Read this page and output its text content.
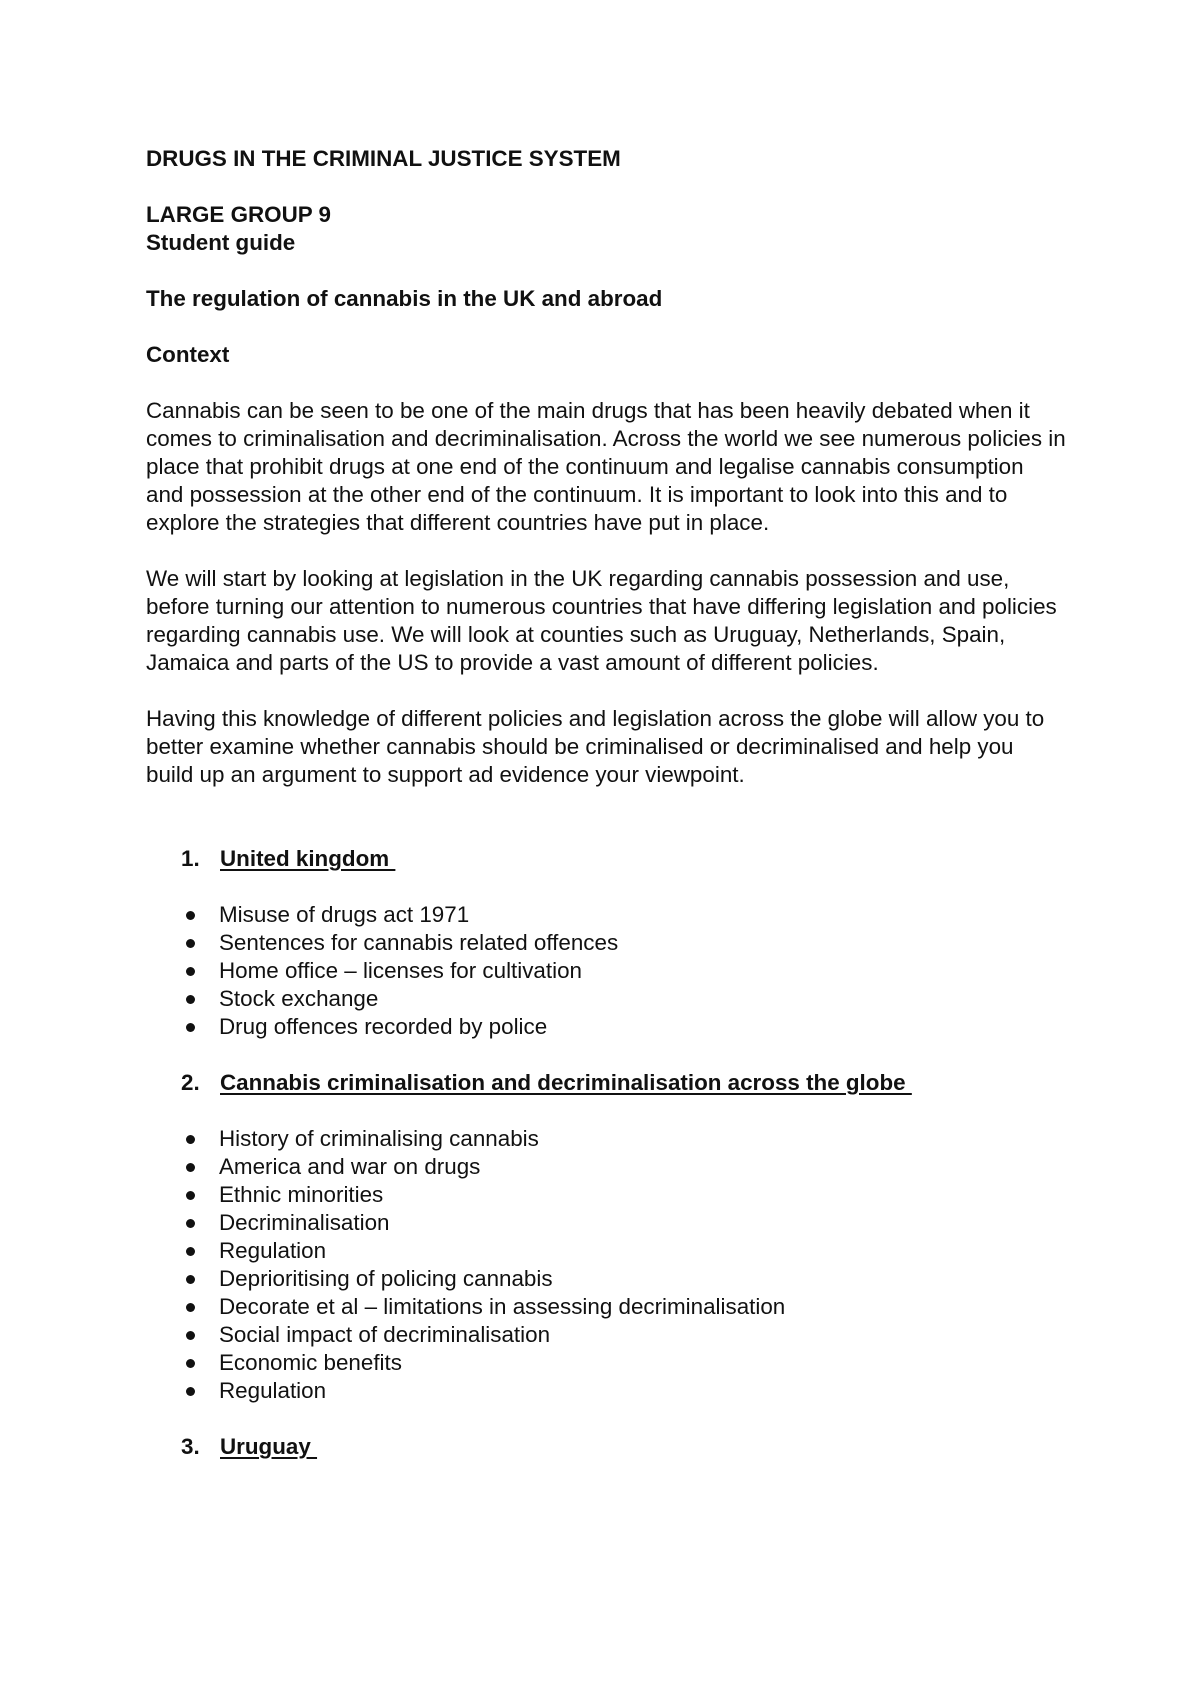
DRUGS IN THE CRIMINAL JUSTICE SYSTEM

LARGE GROUP 9

Student guide

The regulation of cannabis in the UK and abroad

Context

Cannabis can be seen to be one of the main drugs that has been heavily debated when it comes to criminalisation and decriminalisation. Across the world we see numerous policies in place that prohibit drugs at one end of the continuum and legalise cannabis consumption and possession at the other end of the continuum. It is important to look into this and to explore the strategies that different countries have put in place.

We will start by looking at legislation in the UK regarding cannabis possession and use, before turning our attention to numerous countries that have differing legislation and policies regarding cannabis use. We will look at counties such as Uruguay, Netherlands, Spain, Jamaica and parts of the US to provide a vast amount of different policies.

Having this knowledge of different policies and legislation across the globe will allow you to better examine whether cannabis should be criminalised or decriminalised and help you build up an argument to support ad evidence your viewpoint.

1. United kingdom
Misuse of drugs act 1971
Sentences for cannabis related offences
Home office – licenses for cultivation
Stock exchange
Drug offences recorded by police
2. Cannabis criminalisation and decriminalisation across the globe
History of criminalising cannabis
America and war on drugs
Ethnic minorities
Decriminalisation
Regulation
Deprioritising of policing cannabis
Decorate et al – limitations in assessing decriminalisation
Social impact of decriminalisation
Economic benefits
Regulation
3. Uruguay
